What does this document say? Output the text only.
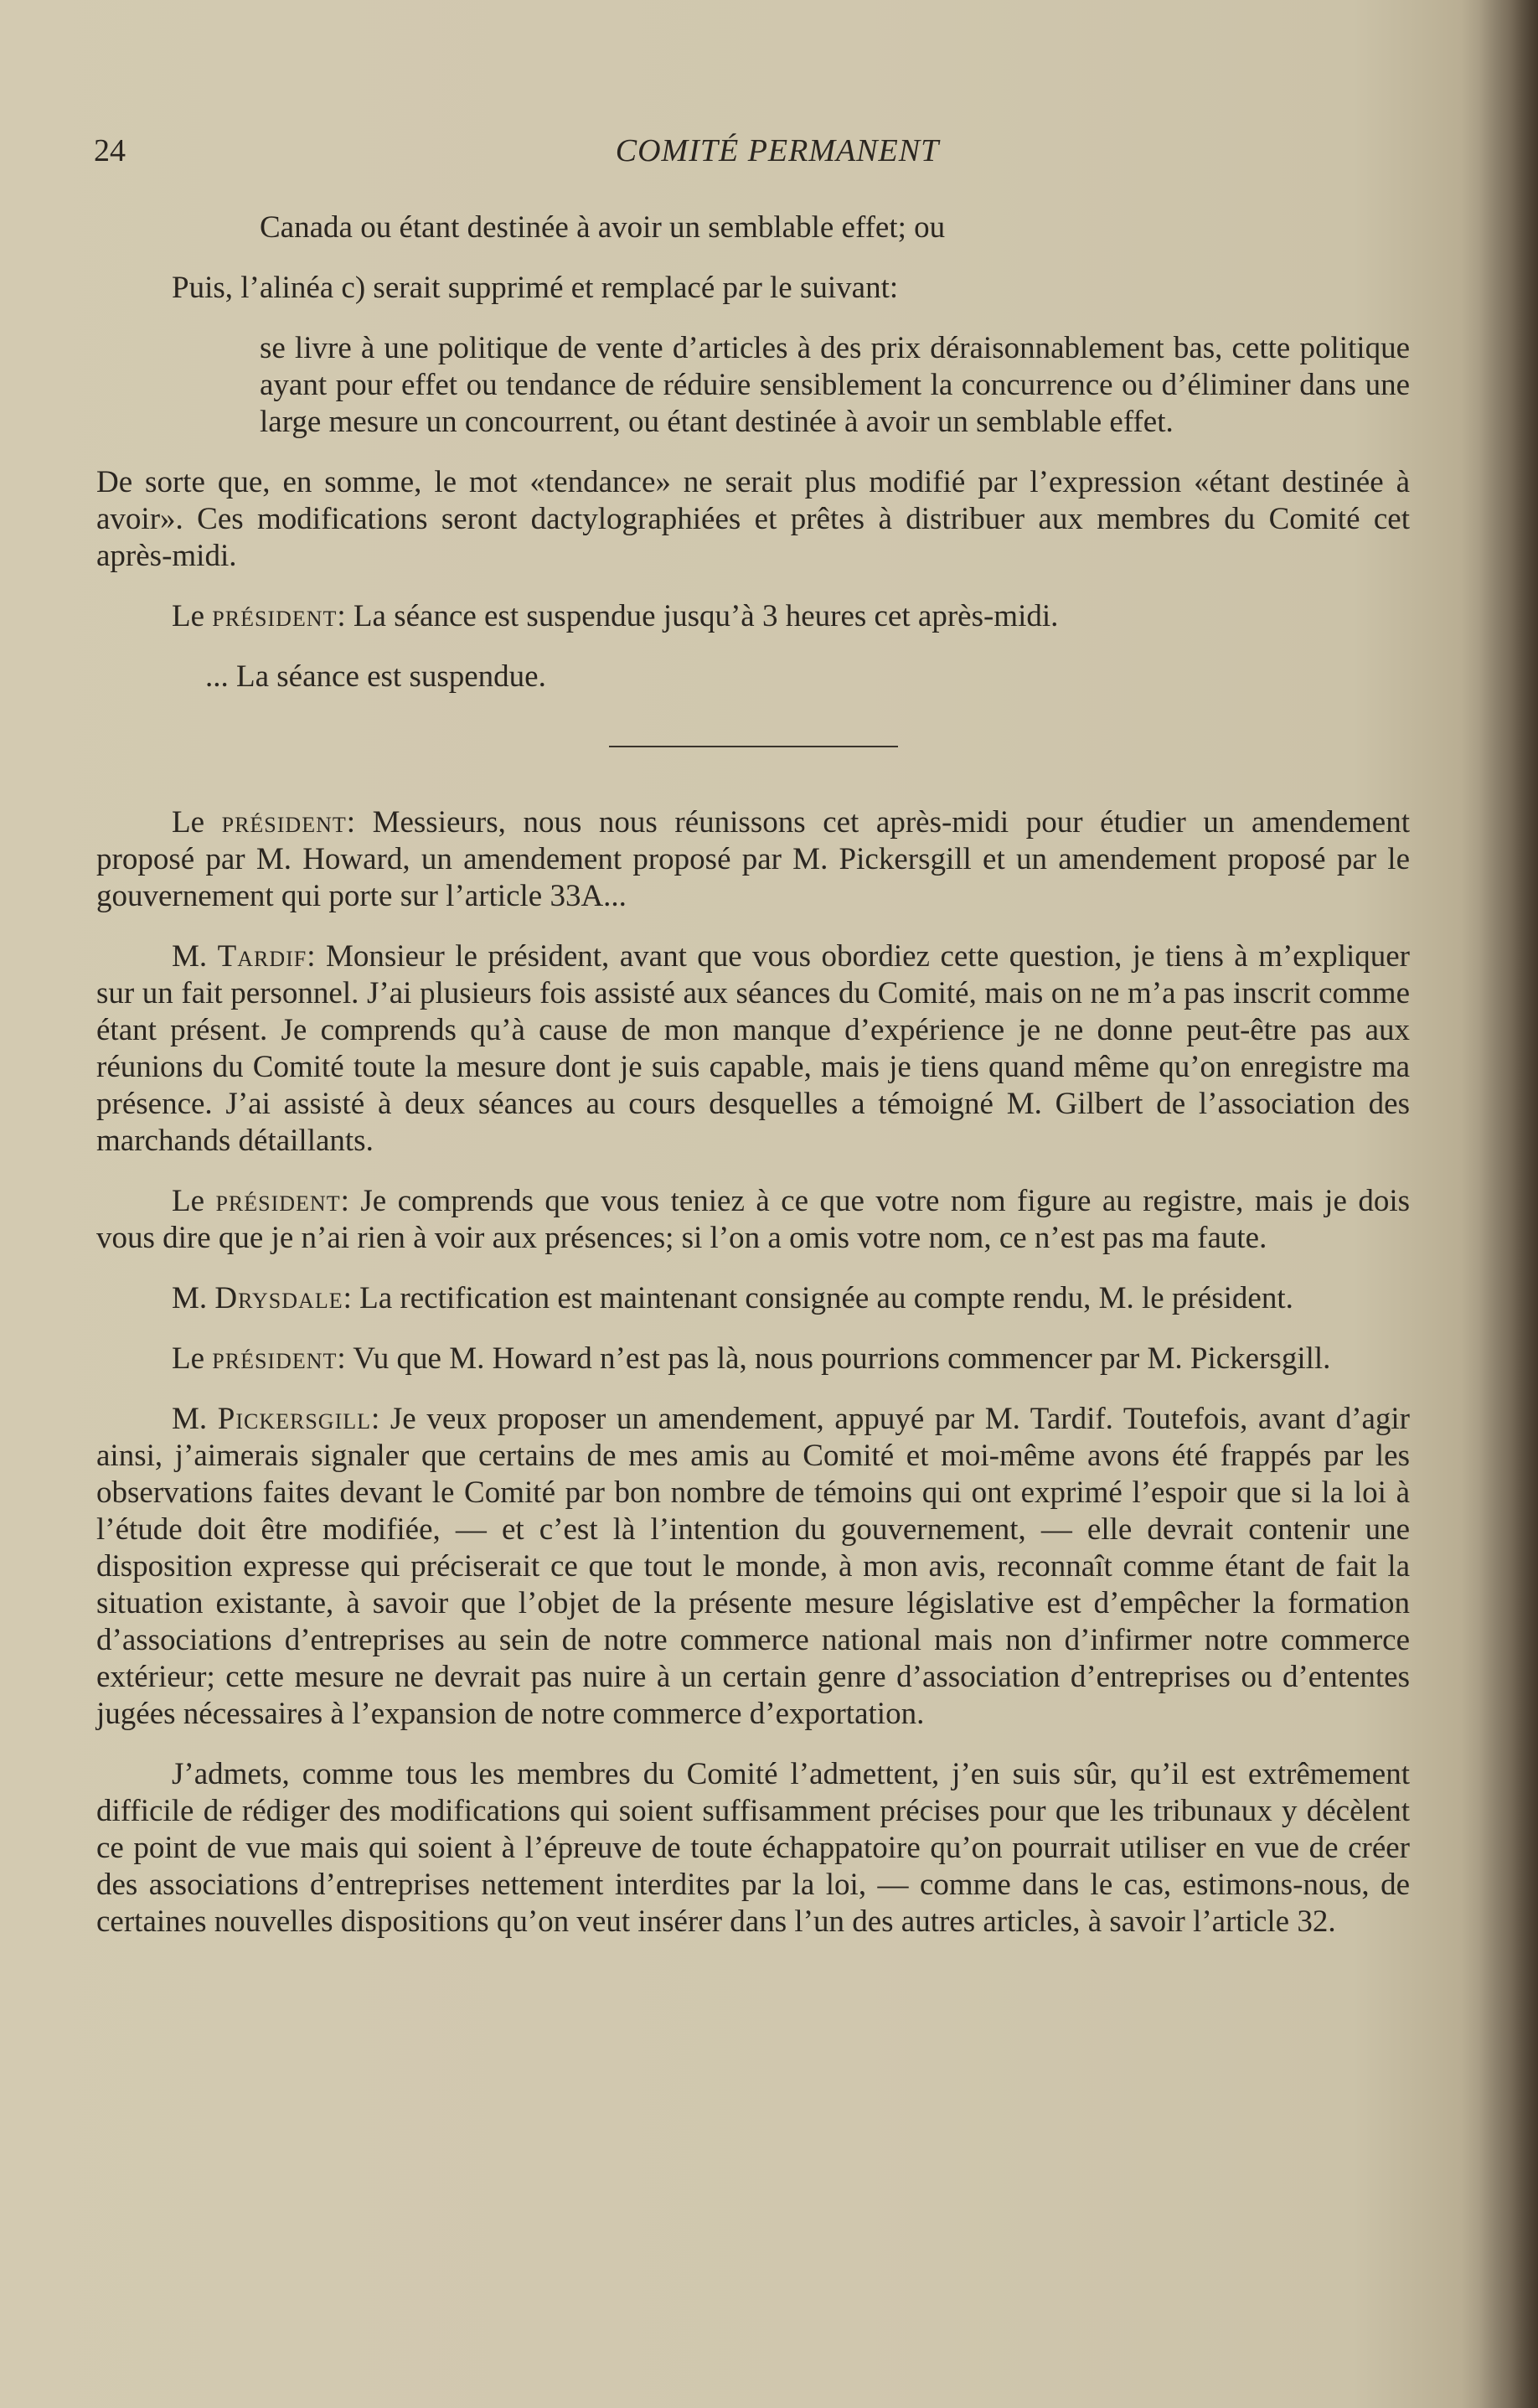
24	COMITÉ PERMANENT

Canada ou étant destinée à avoir un semblable effet; ou

Puis, l’alinéa c) serait supprimé et remplacé par le suivant:

se livre à une politique de vente d’articles à des prix déraisonnablement bas, cette politique ayant pour effet ou tendance de réduire sensiblement la concurrence ou d’éliminer dans une large mesure un concourrent, ou étant destinée à avoir un semblable effet.

De sorte que, en somme, le mot «tendance» ne serait plus modifié par l’expression «étant destinée à avoir». Ces modifications seront dactylographiées et prêtes à distribuer aux membres du Comité cet après-midi.

Le président: La séance est suspendue jusqu’à 3 heures cet après-midi.

... La séance est suspendue.

Le président: Messieurs, nous nous réunissons cet après-midi pour étudier un amendement proposé par M. Howard, un amendement proposé par M. Pickersgill et un amendement proposé par le gouvernement qui porte sur l’article 33A...

M. Tardif: Monsieur le président, avant que vous obordiez cette question, je tiens à m’expliquer sur un fait personnel. J’ai plusieurs fois assisté aux séances du Comité, mais on ne m’a pas inscrit comme étant présent. Je comprends qu’à cause de mon manque d’expérience je ne donne peut-être pas aux réunions du Comité toute la mesure dont je suis capable, mais je tiens quand même qu’on enregistre ma présence. J’ai assisté à deux séances au cours desquelles a témoigné M. Gilbert de l’association des marchands détaillants.

Le président: Je comprends que vous teniez à ce que votre nom figure au registre, mais je dois vous dire que je n’ai rien à voir aux présences; si l’on a omis votre nom, ce n’est pas ma faute.

M. Drysdale: La rectification est maintenant consignée au compte rendu, M. le président.

Le président: Vu que M. Howard n’est pas là, nous pourrions commencer par M. Pickersgill.

M. Pickersgill: Je veux proposer un amendement, appuyé par M. Tardif. Toutefois, avant d’agir ainsi, j’aimerais signaler que certains de mes amis au Comité et moi-même avons été frappés par les observations faites devant le Comité par bon nombre de témoins qui ont exprimé l’espoir que si la loi à l’étude doit être modifiée, — et c’est là l’intention du gouvernement, — elle devrait contenir une disposition expresse qui préciserait ce que tout le monde, à mon avis, reconnaît comme étant de fait la situation existante, à savoir que l’objet de la présente mesure législative est d’empêcher la formation d’associations d’entreprises au sein de notre commerce national mais non d’infirmer notre commerce extérieur; cette mesure ne devrait pas nuire à un certain genre d’association d’entreprises ou d’ententes jugées nécessaires à l’expansion de notre commerce d’exportation.

J’admets, comme tous les membres du Comité l’admettent, j’en suis sûr, qu’il est extrêmement difficile de rédiger des modifications qui soient suffisamment précises pour que les tribunaux y décèlent ce point de vue mais qui soient à l’épreuve de toute échappatoire qu’on pourrait utiliser en vue de créer des associations d’entreprises nettement interdites par la loi, — comme dans le cas, estimons-nous, de certaines nouvelles dispositions qu’on veut insérer dans l’un des autres articles, à savoir l’article 32.
